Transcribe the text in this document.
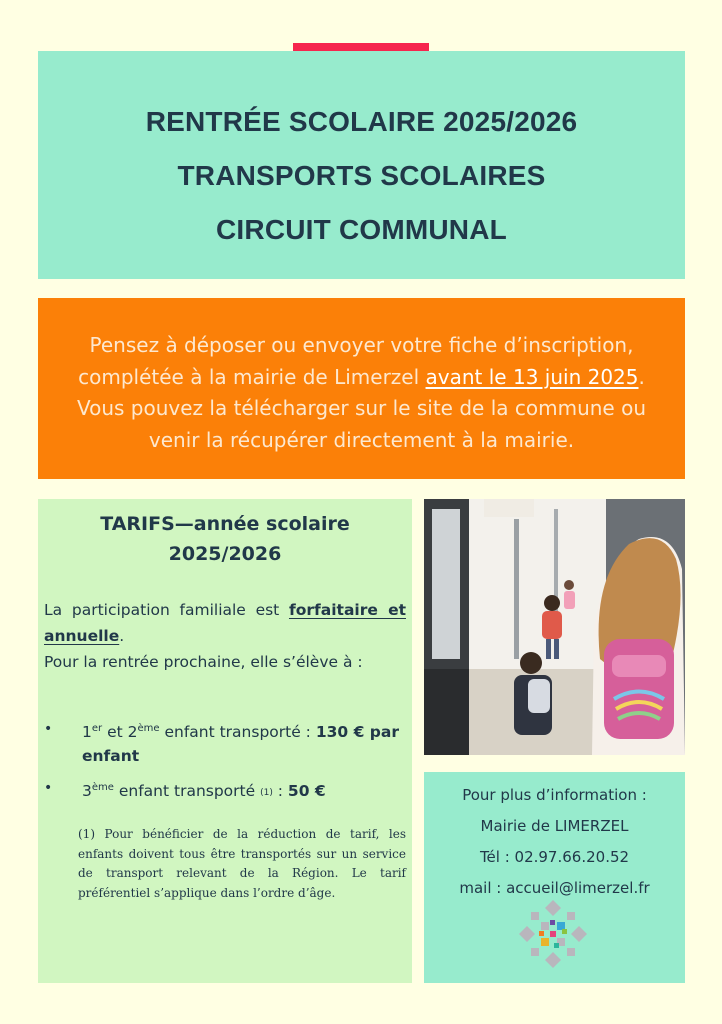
RENTRÉE SCOLAIRE 2025/2026
TRANSPORTS SCOLAIRES
CIRCUIT COMMUNAL
Pensez à déposer ou envoyer votre fiche d’inscription, complétée à la mairie de Limerzel avant le 13 juin 2025. Vous pouvez la télécharger sur le site de la commune ou venir la récupérer directement à la mairie.
TARIFS—année scolaire
2025/2026
La participation familiale est forfaitaire et annuelle.
Pour la rentrée prochaine, elle s’élève à :
• 1er et 2ème enfant transporté : 130 € par enfant
• 3ème enfant transporté (1) : 50 €
(1) Pour bénéficier de la réduction de tarif, les enfants doivent tous être transportés sur un service de transport relevant de la Région. Le tarif préférentiel s’applique dans l’ordre d’âge.
Pour plus d’information :
Mairie de LIMERZEL
Tél : 02.97.66.20.52
mail : accueil@limerzel.fr
